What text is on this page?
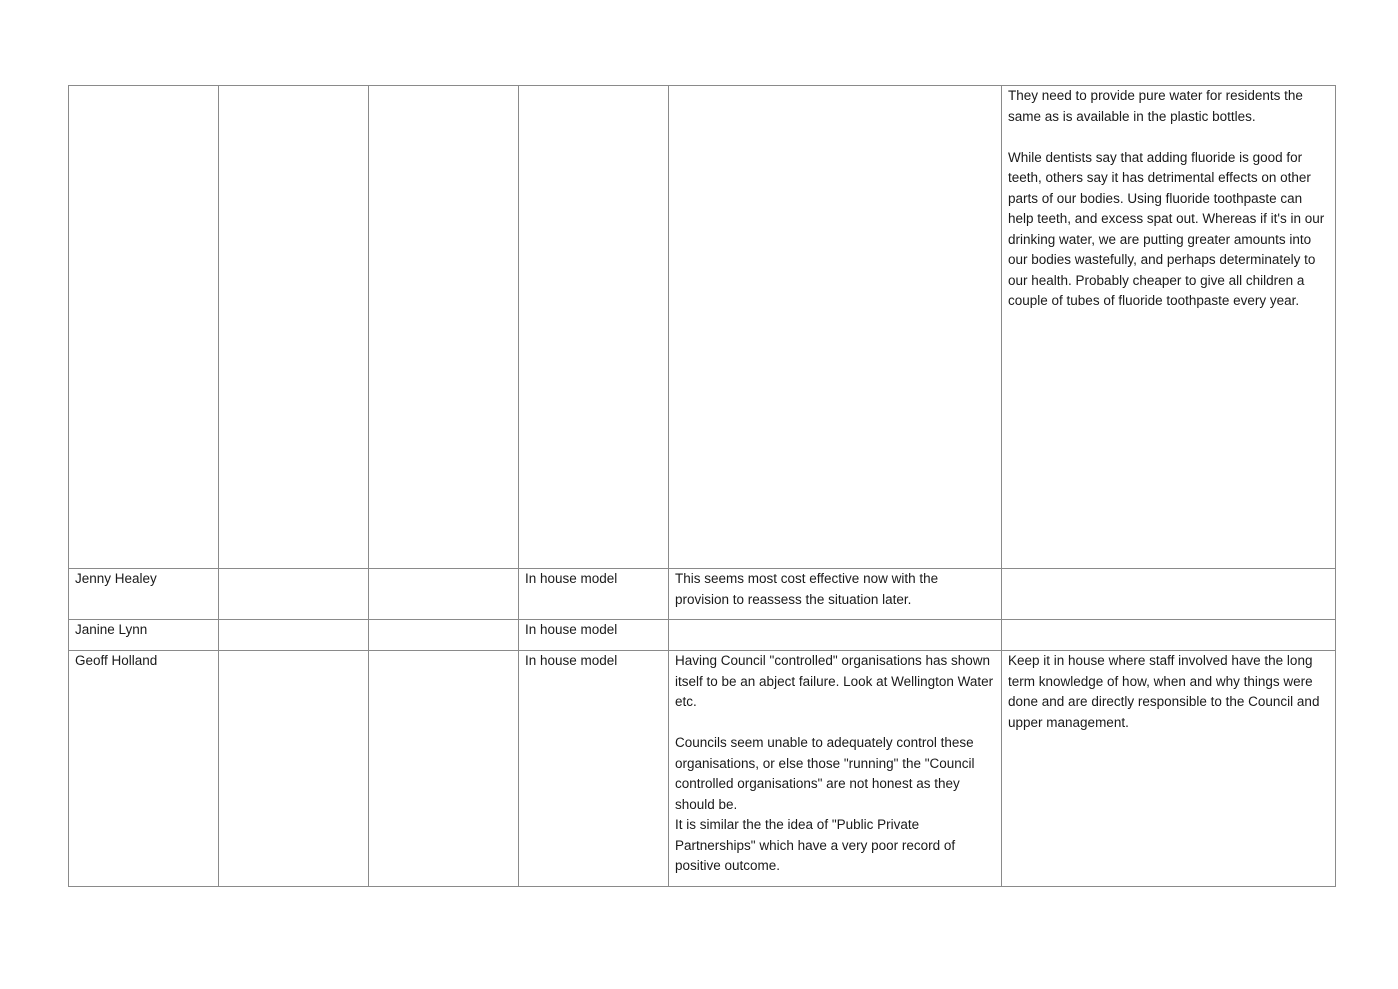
					They need to provide pure water for residents the same as is available in the plastic bottles.
While dentists say that adding fluoride is good for teeth, others say it has detrimental effects on other parts of our bodies. Using fluoride toothpaste can help teeth, and excess spat out. Whereas if it's in our drinking water, we are putting greater amounts into our bodies wastefully, and perhaps determinately to our health. Probably cheaper to give all children a couple of tubes of fluoride toothpaste every year.

Jenny Healey			In house model	This seems most cost effective now with the provision to reassess the situation later.	

Janine Lynn			In house model		
Geoff Holland			In house model	Having Council "controlled" organisations has shown itself to be an abject failure. Look at Wellington Water etc.
Councils seem unable to adequately control these organisations, or else those "running" the "Council controlled organisations" are not honest as they should be.
It is similar the the idea of "Public Private Partnerships" which have a very poor record of positive outcome.	Keep it in house where staff involved have the long term knowledge of how, when and why things were done and are directly responsible to the Council and upper management.
